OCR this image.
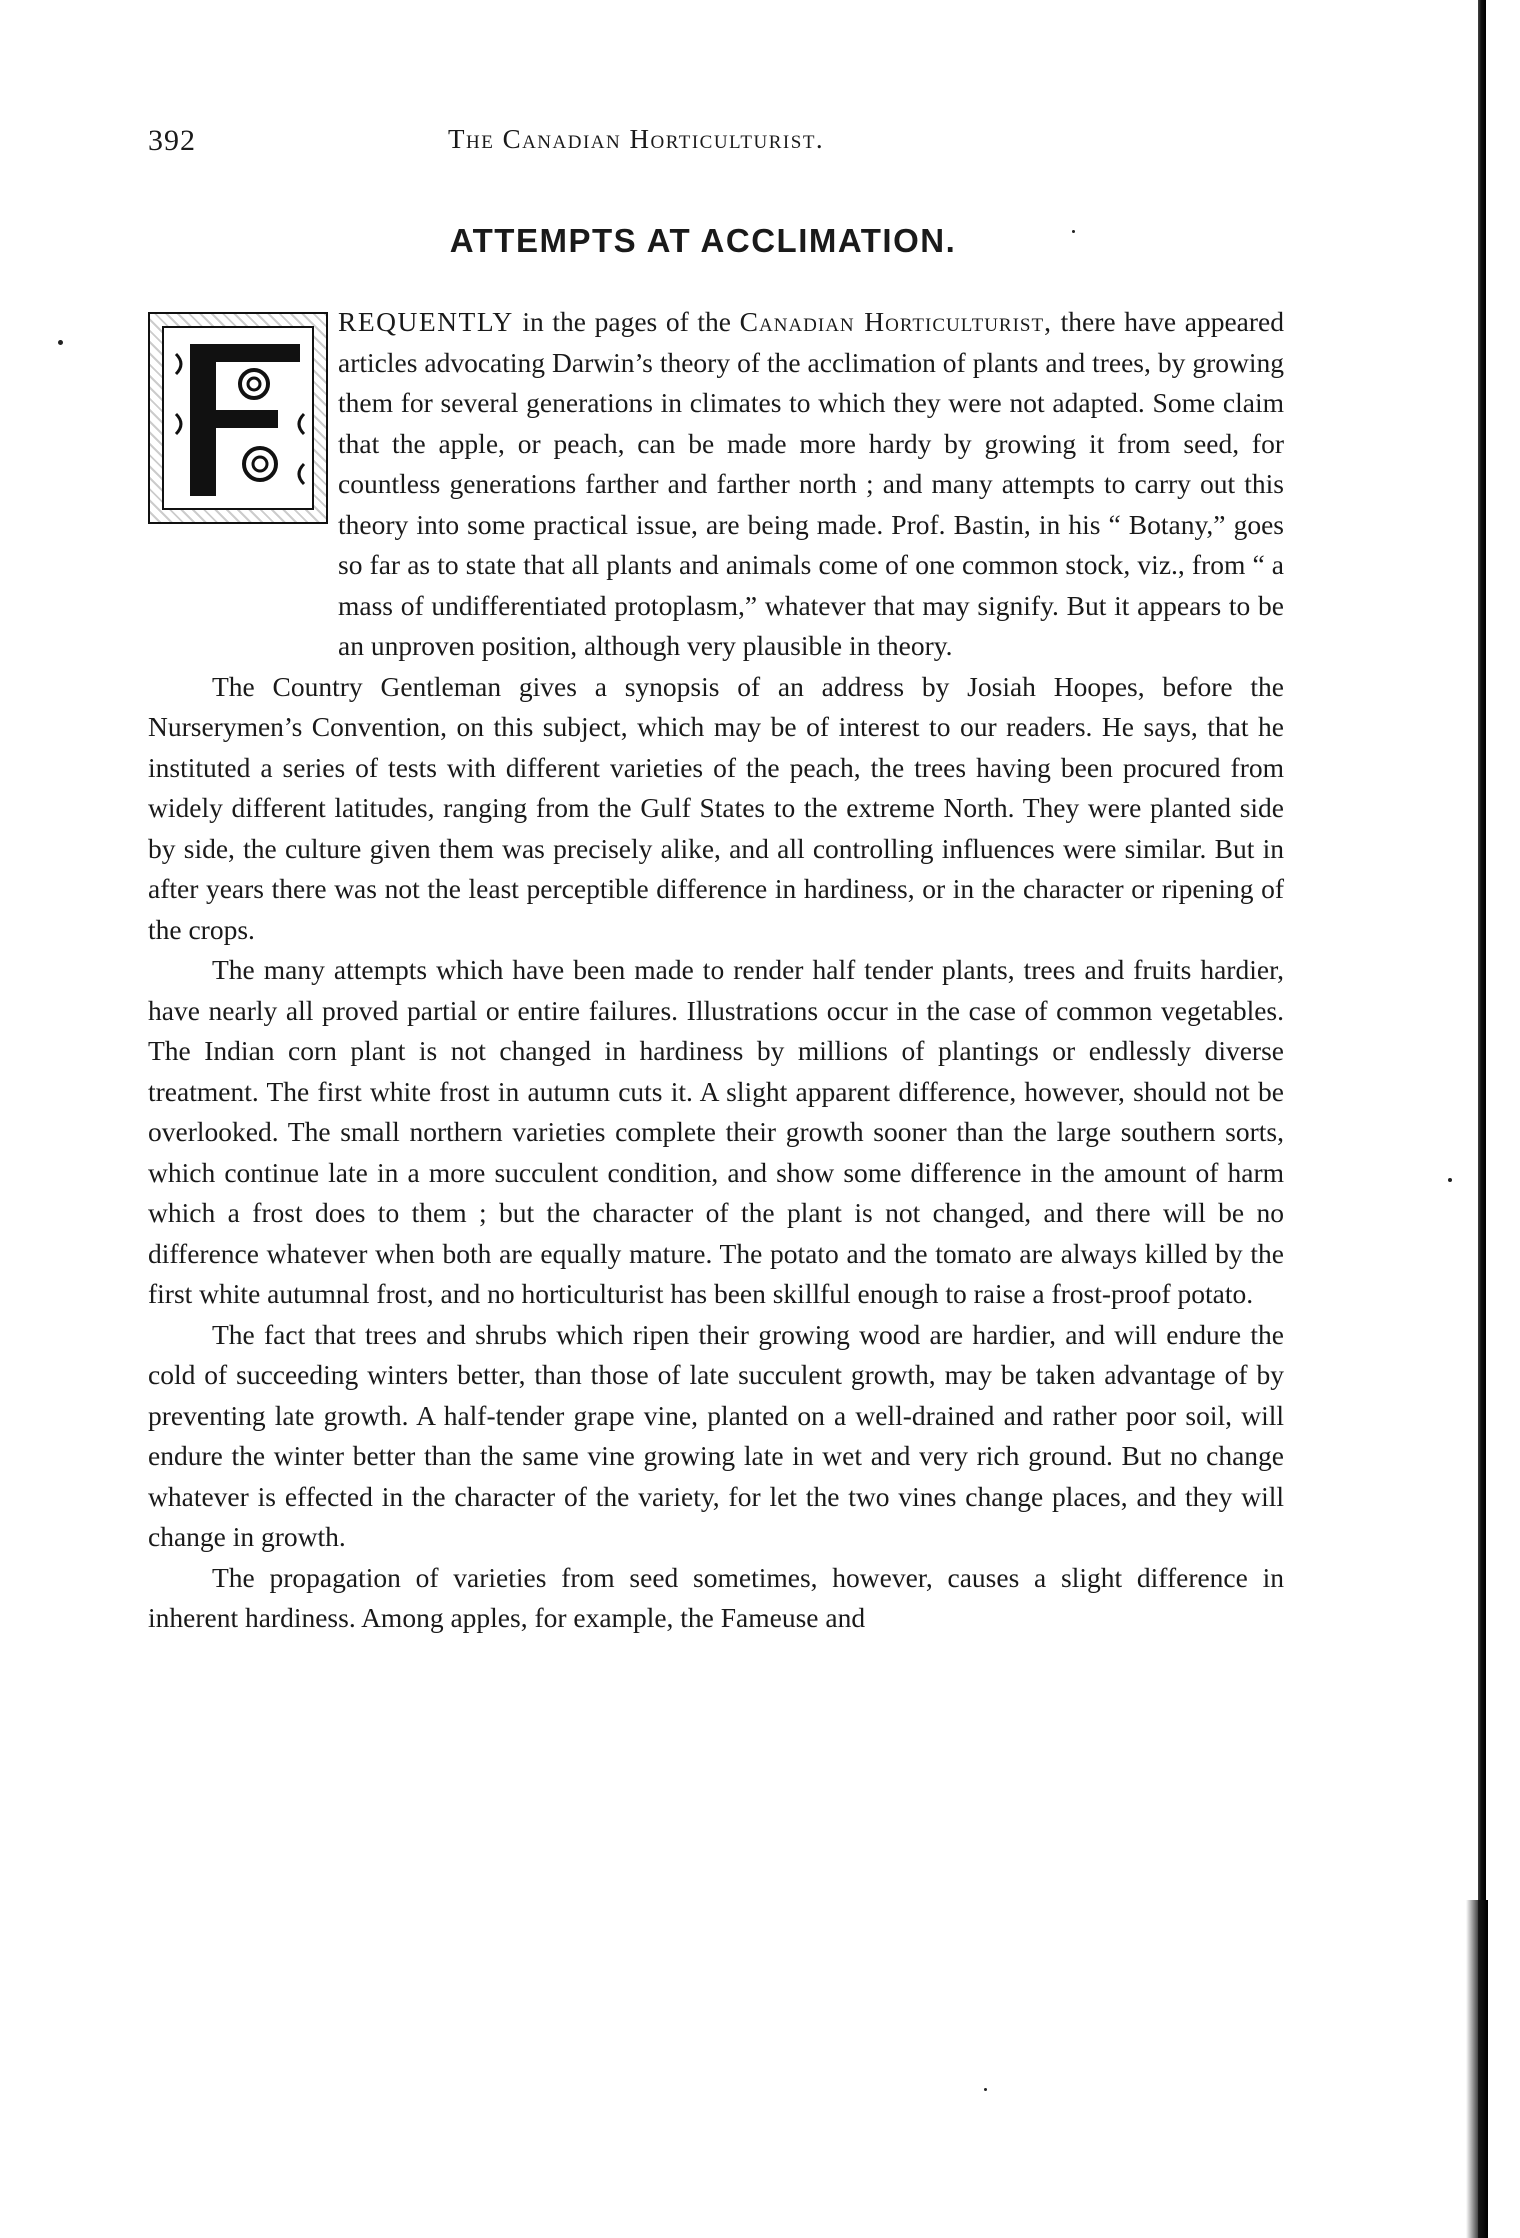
392	The Canadian Horticulturist.
ATTEMPTS AT ACCLIMATION.

REQUENTLY in the pages of the Canadian Horticulturist, there have appeared articles advocating Darwin’s theory of the acclimation of plants and trees, by growing them for several generations in climates to which they were not adapted. Some claim that the apple, or peach, can be made more hardy by growing it from seed, for countless generations farther and farther north ; and many attempts to carry out this theory into some practical issue, are being made. Prof. Bastin, in his “ Botany,” goes so far as to state that all plants and animals come of one common stock, viz., from “ a mass of undifferentiated protoplasm,” whatever that may signify. But it appears to be an unproven position, although very plausible in theory.

The Country Gentleman gives a synopsis of an address by Josiah Hoopes, before the Nurserymen’s Convention, on this subject, which may be of interest to our readers. He says, that he instituted a series of tests with different varieties of the peach, the trees having been procured from widely different latitudes, ranging from the Gulf States to the extreme North. They were planted side by side, the culture given them was precisely alike, and all controlling influences were similar. But in after years there was not the least perceptible difference in hardiness, or in the character or ripening of the crops.

The many attempts which have been made to render half tender plants, trees and fruits hardier, have nearly all proved partial or entire failures. Illustrations occur in the case of common vegetables. The Indian corn plant is not changed in hardiness by millions of plantings or endlessly diverse treatment. The first white frost in autumn cuts it. A slight apparent difference, however, should not be overlooked. The small northern varieties complete their growth sooner than the large southern sorts, which continue late in a more succulent condition, and show some difference in the amount of harm which a frost does to them ; but the character of the plant is not changed, and there will be no difference whatever when both are equally mature. The potato and the tomato are always killed by the first white autumnal frost, and no horticulturist has been skillful enough to raise a frost-proof potato.

The fact that trees and shrubs which ripen their growing wood are hardier, and will endure the cold of succeeding winters better, than those of late succulent growth, may be taken advantage of by preventing late growth. A half-tender grape vine, planted on a well-drained and rather poor soil, will endure the winter better than the same vine growing late in wet and very rich ground. But no change whatever is effected in the character of the variety, for let the two vines change places, and they will change in growth.

The propagation of varieties from seed sometimes, however, causes a slight difference in inherent hardiness. Among apples, for example, the Fameuse and
